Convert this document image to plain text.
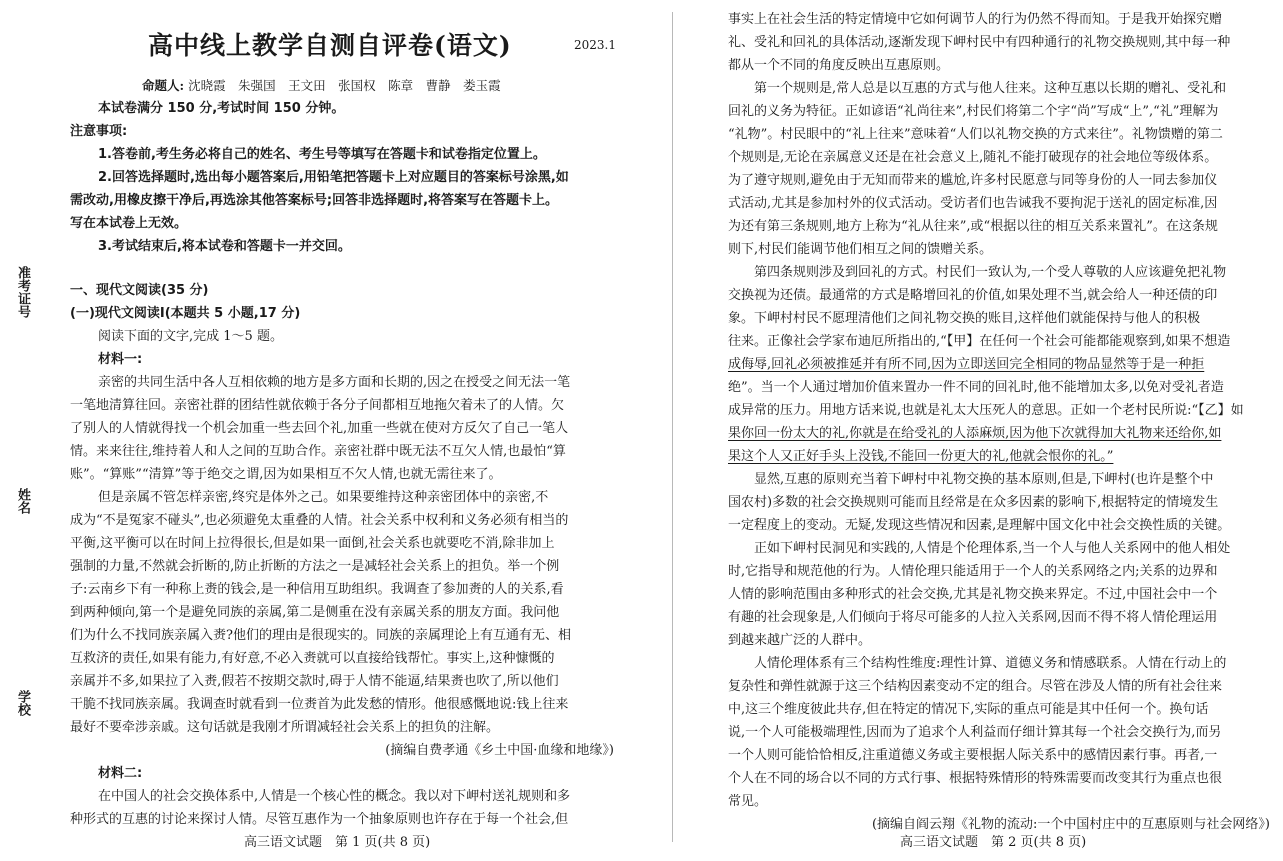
准考证号
姓名
学校
高中线上教学自测自评卷(语文)	2023.1
命题人: 沈晓霞　朱强国　王文田　张国权　陈章　曹静　娄玉霞
本试卷满分 150 分,考试时间 150 分钟。
注意事项:
1.答卷前,考生务必将自己的姓名、考生号等填写在答题卡和试卷指定位置上。
2.回答选择题时,选出每小题答案后,用铅笔把答题卡上对应题目的答案标号涂黑,如
需改动,用橡皮擦干净后,再选涂其他答案标号;回答非选择题时,将答案写在答题卡上。
写在本试卷上无效。
3.考试结束后,将本试卷和答题卡一并交回。
一、现代文阅读(35 分)
(一)现代文阅读Ⅰ(本题共 5 小题,17 分)
阅读下面的文字,完成 1～5 题。
材料一:
亲密的共同生活中各人互相依赖的地方是多方面和长期的,因之在授受之间无法一笔
一笔地清算往回。亲密社群的团结性就依赖于各分子间都相互地拖欠着未了的人情。欠
了别人的人情就得找一个机会加重一些去回个礼,加重一些就在使对方反欠了自己一笔人
情。来来往往,维持着人和人之间的互助合作。亲密社群中既无法不互欠人情,也最怕“算
账”。“算账”“清算”等于绝交之谓,因为如果相互不欠人情,也就无需往来了。
但是亲属不管怎样亲密,终究是体外之己。如果要维持这种亲密团体中的亲密,不
成为“不是冤家不碰头”,也必须避免太重叠的人情。社会关系中权利和义务必须有相当的
平衡,这平衡可以在时间上拉得很长,但是如果一面倒,社会关系也就要吃不消,除非加上
强制的力量,不然就会折断的,防止折断的方法之一是减轻社会关系上的担负。举一个例
子:云南乡下有一种称上赉的钱会,是一种信用互助组织。我调查了参加赉的人的关系,看
到两种倾向,第一个是避免同族的亲属,第二是侧重在没有亲属关系的朋友方面。我问他
们为什么不找同族亲属入赉?他们的理由是很现实的。同族的亲属理论上有互通有无、相
互救济的责任,如果有能力,有好意,不必入赉就可以直接给钱帮忙。事实上,这种慷慨的
亲属并不多,如果拉了入赉,假若不按期交款时,碍于人情不能逼,结果赉也吹了,所以他们
干脆不找同族亲属。我调查时就看到一位赉首为此发愁的情形。他很感慨地说:钱上往来
最好不要牵涉亲戚。这句话就是我刚才所谓减轻社会关系上的担负的注解。
(摘编自费孝通《乡土中国·血缘和地缘》)
材料二:
在中国人的社会交换体系中,人情是一个核心性的概念。我以对下岬村送礼规则和多
种形式的互惠的讨论来探讨人情。尽管互惠作为一个抽象原则也许存在于每一个社会,但
高三语文试题　第 1 页(共 8 页)
事实上在社会生活的特定情境中它如何调节人的行为仍然不得而知。于是我开始探究赠
礼、受礼和回礼的具体活动,逐渐发现下岬村民中有四种通行的礼物交换规则,其中每一种
都从一个不同的角度反映出互惠原则。
第一个规则是,常人总是以互惠的方式与他人往来。这种互惠以长期的赠礼、受礼和
回礼的义务为特征。正如谚语“礼尚往来”,村民们将第二个字“尚”写成“上”,“礼”理解为
“礼物”。村民眼中的“礼上往来”意味着“人们以礼物交换的方式来往”。礼物馈赠的第二
个规则是,无论在亲属意义还是在社会意义上,随礼不能打破现存的社会地位等级体系。
为了遵守规则,避免由于无知而带来的尴尬,许多村民愿意与同等身份的人一同去参加仪
式活动,尤其是参加村外的仪式活动。受访者们也告诫我不要拘泥于送礼的固定标准,因
为还有第三条规则,地方上称为“礼从往来”,或“根据以往的相互关系来置礼”。在这条规
则下,村民们能调节他们相互之间的馈赠关系。
第四条规则涉及到回礼的方式。村民们一致认为,一个受人尊敬的人应该避免把礼物
交换视为还债。最通常的方式是略增回礼的价值,如果处理不当,就会给人一种还债的印
象。下岬村村民不愿理清他们之间礼物交换的账目,这样他们就能保持与他人的积极
往来。正像社会学家布迪厄所指出的,“【甲】在任何一个社会可能都能观察到,如果不想造
成侮辱,回礼必须被推延并有所不同,因为立即送回完全相同的物品显然等于是一种拒
绝”。当一个人通过增加价值来置办一件不同的回礼时,他不能增加太多,以免对受礼者造
成异常的压力。用地方话来说,也就是礼太大压死人的意思。正如一个老村民所说:“【乙】如
果你回一份太大的礼,你就是在给受礼的人添麻烦,因为他下次就得加大礼物来还给你,如
果这个人又正好手头上没钱,不能回一份更大的礼,他就会恨你的礼。”
显然,互惠的原则充当着下岬村中礼物交换的基本原则,但是,下岬村(也许是整个中
国农村)多数的社会交换规则可能而且经常是在众多因素的影响下,根据特定的情境发生
一定程度上的变动。无疑,发现这些情况和因素,是理解中国文化中社会交换性质的关键。
正如下岬村民洞见和实践的,人情是个伦理体系,当一个人与他人关系网中的他人相处
时,它指导和规范他的行为。人情伦理只能适用于一个人的关系网络之内;关系的边界和
人情的影响范围由多种形式的社会交换,尤其是礼物交换来界定。不过,中国社会中一个
有趣的社会现象是,人们倾向于将尽可能多的人拉入关系网,因而不得不将人情伦理运用
到越来越广泛的人群中。
人情伦理体系有三个结构性维度:理性计算、道德义务和情感联系。人情在行动上的
复杂性和弹性就源于这三个结构因素变动不定的组合。尽管在涉及人情的所有社会往来
中,这三个维度彼此共存,但在特定的情况下,实际的重点可能是其中任何一个。换句话
说,一个人可能极端理性,因而为了追求个人利益而仔细计算其每一个社会交换行为,而另
一个人则可能恰恰相反,注重道德义务或主要根据人际关系中的感情因素行事。再者,一
个人在不同的场合以不同的方式行事、根据特殊情形的特殊需要而改变其行为重点也很
常见。
(摘编自阎云翔《礼物的流动:一个中国村庄中的互惠原则与社会网络》)
高三语文试题　第 2 页(共 8 页)
